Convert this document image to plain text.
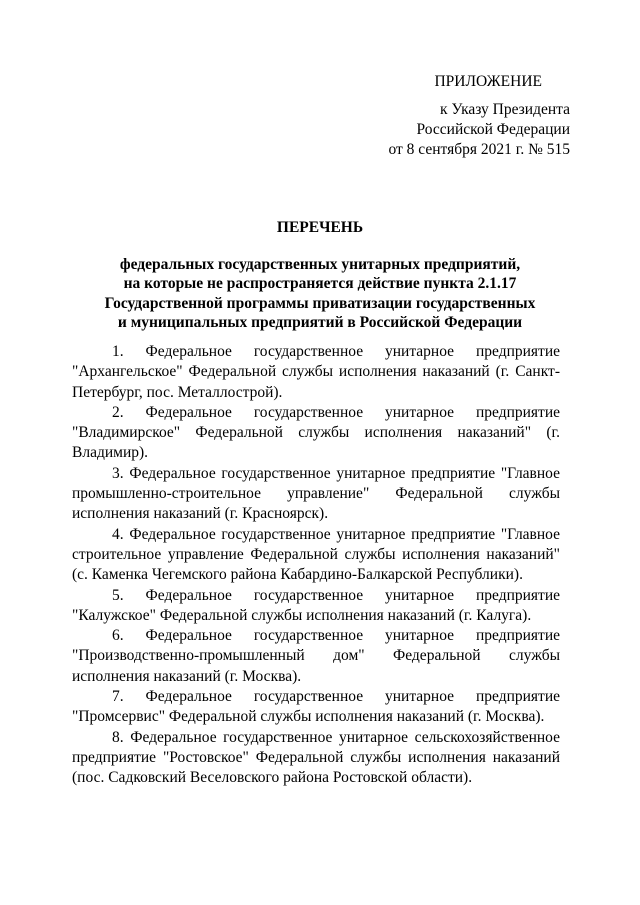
ПРИЛОЖЕНИЕ
к Указу Президента
Российской Федерации
от 8 сентября 2021 г. № 515
ПЕРЕЧЕНЬ
федеральных государственных унитарных предприятий,
на которые не распространяется действие пункта 2.1.17
Государственной программы приватизации государственных
и муниципальных предприятий в Российской Федерации

1. Федеральное государственное унитарное предприятие "Архангельское" Федеральной службы исполнения наказаний (г. Санкт-Петербург, пос. Металлострой).

2. Федеральное государственное унитарное предприятие "Владимирское" Федеральной службы исполнения наказаний" (г. Владимир).

3. Федеральное государственное унитарное предприятие "Главное промышленно-строительное управление" Федеральной службы исполнения наказаний (г. Красноярск).

4. Федеральное государственное унитарное предприятие "Главное строительное управление Федеральной службы исполнения наказаний" (с. Каменка Чегемского района Кабардино-Балкарской Республики).

5. Федеральное государственное унитарное предприятие "Калужское" Федеральной службы исполнения наказаний (г. Калуга).

6. Федеральное государственное унитарное предприятие "Производственно-промышленный дом" Федеральной службы исполнения наказаний (г. Москва).

7. Федеральное государственное унитарное предприятие "Промсервис" Федеральной службы исполнения наказаний (г. Москва).

8. Федеральное государственное унитарное сельскохозяйственное предприятие "Ростовское" Федеральной службы исполнения наказаний (пос. Садковский Веселовского района Ростовской области).
